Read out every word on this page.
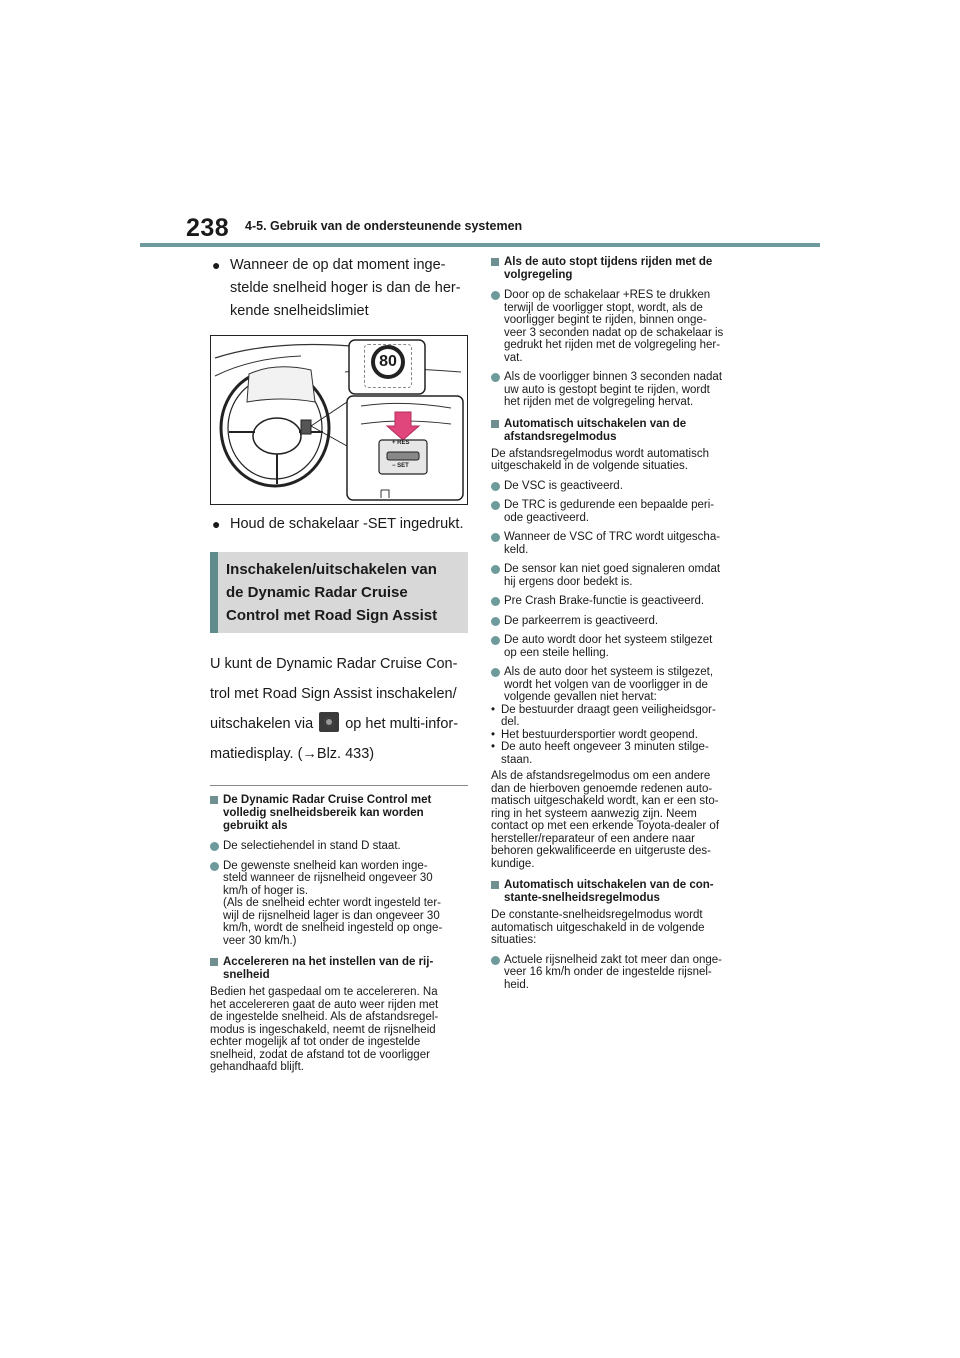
238 4-5. Gebruik van de ondersteunende systemen
● Wanneer de op dat moment inge-
stelde snelheid hoger is dan de her-
kende snelheidslimiet
80
+ RES
− SET
● Houd de schakelaar -SET ingedrukt.
Inschakelen/uitschakelen van
de Dynamic Radar Cruise
Control met Road Sign Assist
U kunt de Dynamic Radar Cruise Con-
trol met Road Sign Assist inschakelen/
uitschakelen via op het multi-infor-
matiedisplay. (→Blz. 433)
De Dynamic Radar Cruise Control met
volledig snelheidsbereik kan worden
gebruikt als
De selectiehendel in stand D staat.
De gewenste snelheid kan worden inge-
steld wanneer de rijsnelheid ongeveer 30
km/h of hoger is.
(Als de snelheid echter wordt ingesteld ter-
wijl de rijsnelheid lager is dan ongeveer 30
km/h, wordt de snelheid ingesteld op onge-
veer 30 km/h.)
Accelereren na het instellen van de rij-
snelheid
Bedien het gaspedaal om te accelereren. Na
het accelereren gaat de auto weer rijden met
de ingestelde snelheid. Als de afstandsregel-
modus is ingeschakeld, neemt de rijsnelheid
echter mogelijk af tot onder de ingestelde
snelheid, zodat de afstand tot de voorligger
gehandhaafd blijft.
Als de auto stopt tijdens rijden met de
volgregeling
Door op de schakelaar +RES te drukken
terwijl de voorligger stopt, wordt, als de
voorligger begint te rijden, binnen onge-
veer 3 seconden nadat op de schakelaar is
gedrukt het rijden met de volgregeling her-
vat.
Als de voorligger binnen 3 seconden nadat
uw auto is gestopt begint te rijden, wordt
het rijden met de volgregeling hervat.
Automatisch uitschakelen van de
afstandsregelmodus
De afstandsregelmodus wordt automatisch
uitgeschakeld in de volgende situaties.
De VSC is geactiveerd.
De TRC is gedurende een bepaalde peri-
ode geactiveerd.
Wanneer de VSC of TRC wordt uitgescha-
keld.
De sensor kan niet goed signaleren omdat
hij ergens door bedekt is.
Pre Crash Brake-functie is geactiveerd.
De parkeerrem is geactiveerd.
De auto wordt door het systeem stilgezet
op een steile helling.
Als de auto door het systeem is stilgezet,
wordt het volgen van de voorligger in de
volgende gevallen niet hervat:
• De bestuurder draagt geen veiligheidsgor-
del.
• Het bestuurdersportier wordt geopend.
• De auto heeft ongeveer 3 minuten stilge-
staan.
Als de afstandsregelmodus om een andere
dan de hierboven genoemde redenen auto-
matisch uitgeschakeld wordt, kan er een sto-
ring in het systeem aanwezig zijn. Neem
contact op met een erkende Toyota-dealer of
hersteller/reparateur of een andere naar
behoren gekwalificeerde en uitgeruste des-
kundige.
Automatisch uitschakelen van de con-
stante-snelheidsregelmodus
De constante-snelheidsregelmodus wordt
automatisch uitgeschakeld in de volgende
situaties:
Actuele rijsnelheid zakt tot meer dan onge-
veer 16 km/h onder de ingestelde rijsnel-
heid.
